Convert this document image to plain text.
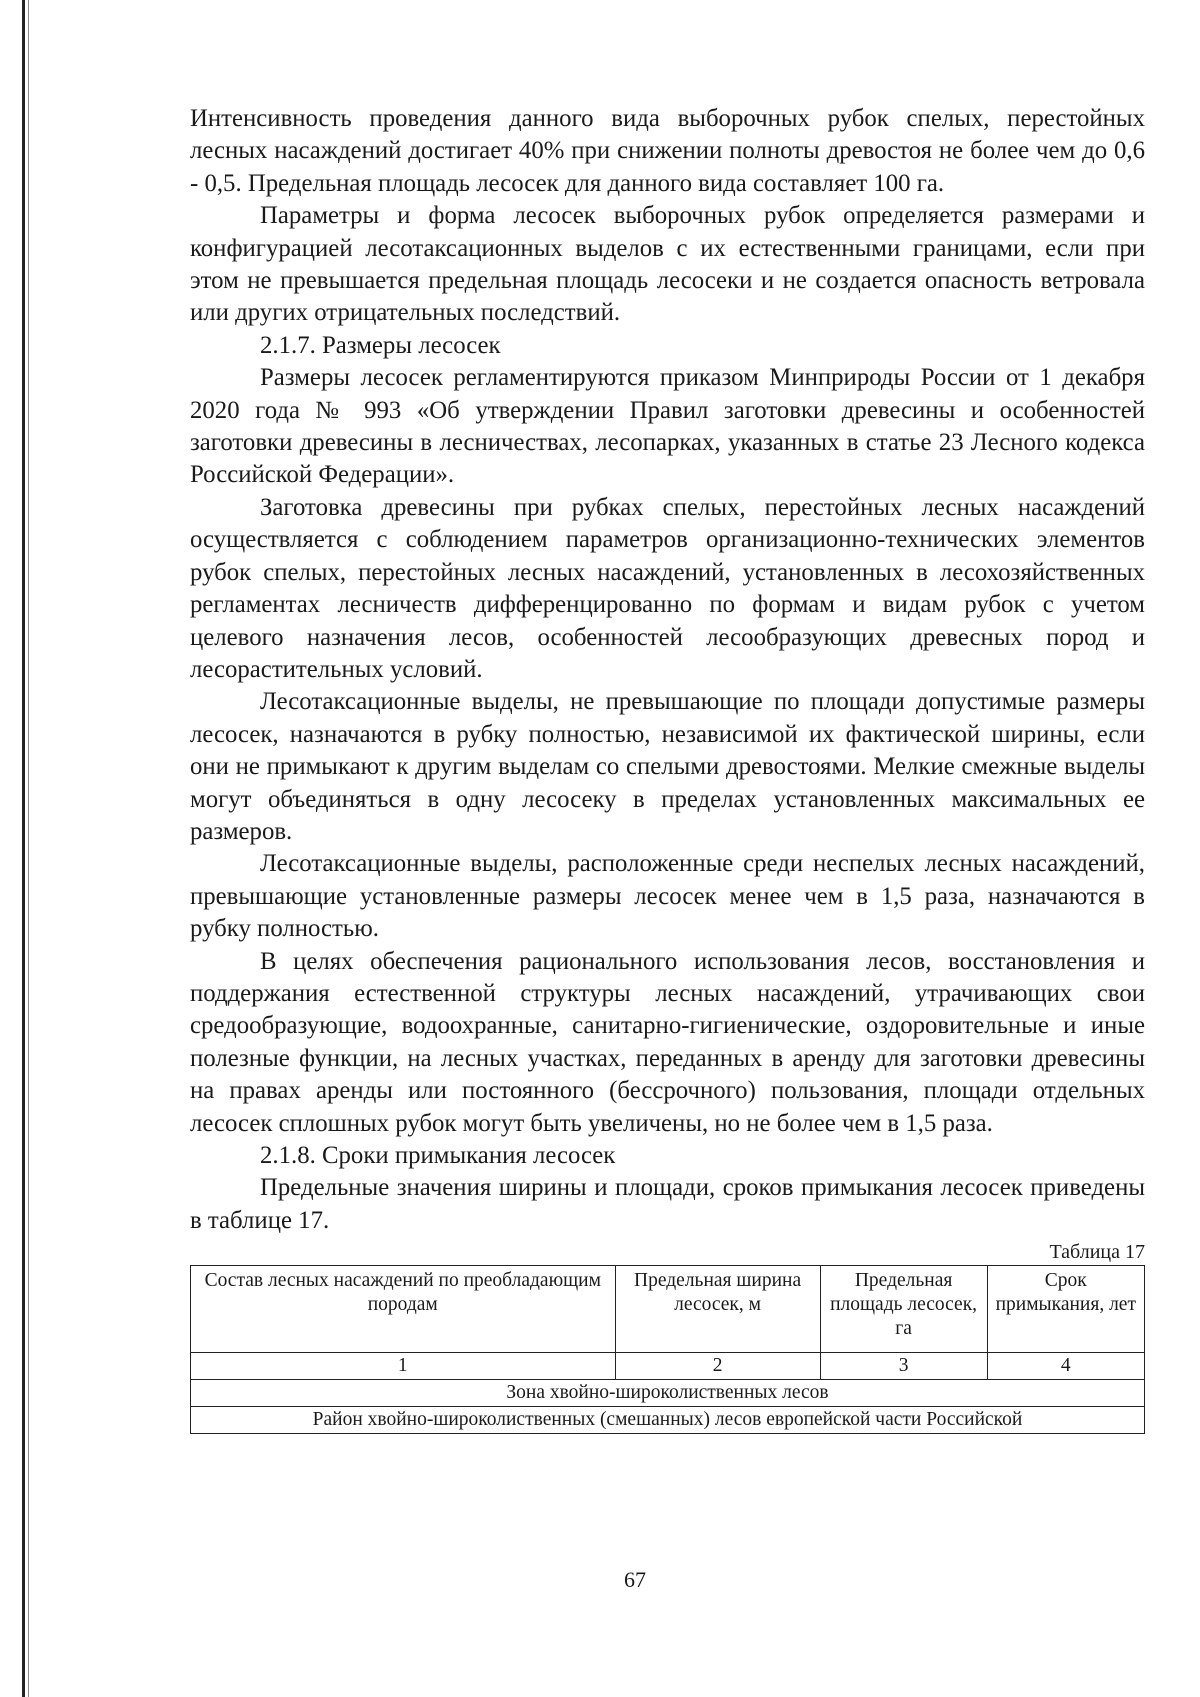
Интенсивность проведения данного вида выборочных рубок спелых, перестойных лесных насаждений достигает 40% при снижении полноты древостоя не более чем до 0,6 - 0,5. Предельная площадь лесосек для данного вида составляет 100 га.

Параметры и форма лесосек выборочных рубок определяется размерами и конфигурацией лесотаксационных выделов с их естественными границами, если при этом не превышается предельная площадь лесосеки и не создается опасность ветровала или других отрицательных последствий.

2.1.7. Размеры лесосек

Размеры лесосек регламентируются приказом Минприроды России от 1 декабря 2020 года № 993 «Об утверждении Правил заготовки древесины и особенностей заготовки древесины в лесничествах, лесопарках, указанных в статье 23 Лесного кодекса Российской Федерации».

Заготовка древесины при рубках спелых, перестойных лесных насаждений осуществляется с соблюдением параметров организационно-технических элементов рубок спелых, перестойных лесных насаждений, установленных в лесохозяйственных регламентах лесничеств дифференцированно по формам и видам рубок с учетом целевого назначения лесов, особенностей лесообразующих древесных пород и лесорастительных условий.

Лесотаксационные выделы, не превышающие по площади допустимые размеры лесосек, назначаются в рубку полностью, независимой их фактической ширины, если они не примыкают к другим выделам со спелыми древостоями. Мелкие смежные выделы могут объединяться в одну лесосеку в пределах установленных максимальных ее размеров.

Лесотаксационные выделы, расположенные среди неспелых лесных насаждений, превышающие установленные размеры лесосек менее чем в 1,5 раза, назначаются в рубку полностью.

В целях обеспечения рационального использования лесов, восстановления и поддержания естественной структуры лесных насаждений, утрачивающих свои средообразующие, водоохранные, санитарно-гигиенические, оздоровительные и иные полезные функции, на лесных участках, переданных в аренду для заготовки древесины на правах аренды или постоянного (бессрочного) пользования, площади отдельных лесосек сплошных рубок могут быть увеличены, но не более чем в 1,5 раза.

2.1.8. Сроки примыкания лесосек

Предельные значения ширины и площади, сроков примыкания лесосек приведены в таблице 17.

Таблица 17
Состав лесных насаждений по преобладающим породам	Предельная ширина лесосек, м	Предельная площадь лесосек, га	Срок примыкания, лет
1	2	3	4
Зона хвойно-широколиственных лесов			
Район хвойно-широколиственных (смешанных) лесов европейской части Российской			
67
